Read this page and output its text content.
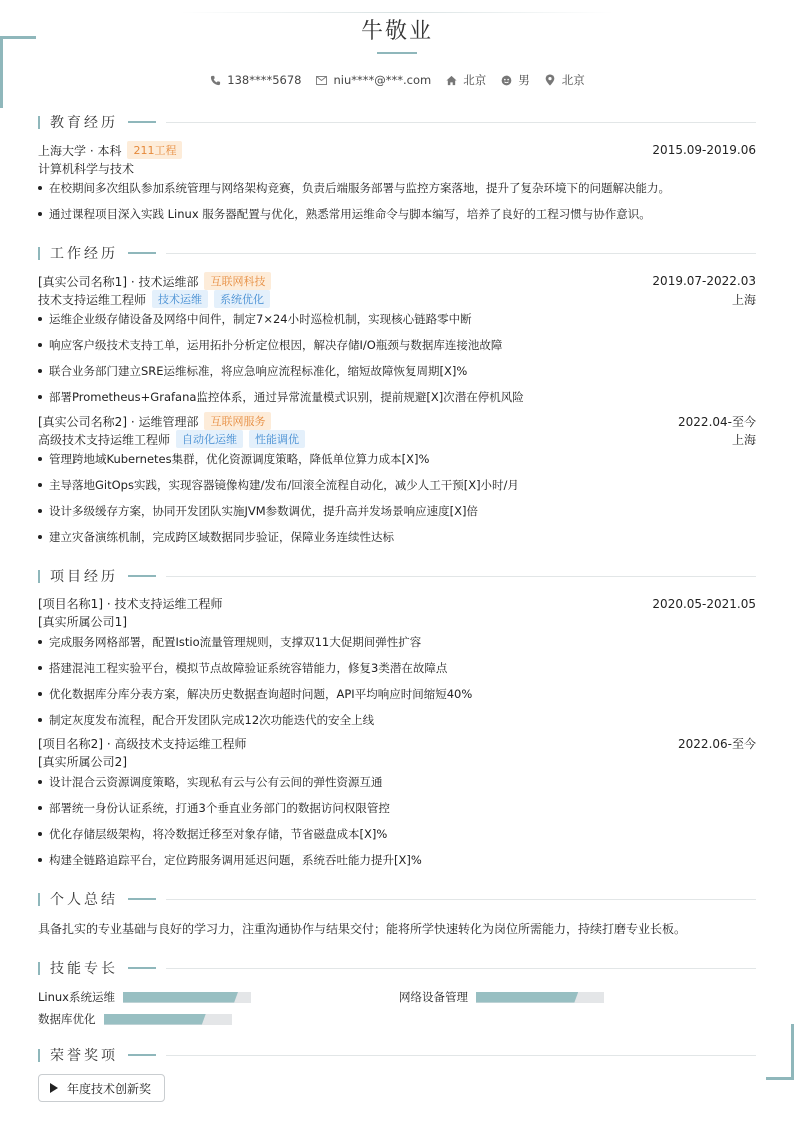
牛敬业
138****5678	niu****@***.com	北京	男	北京
教育经历
上海大学 · 本科	211工程	2015.09-2019.06
计算机科学与技术
在校期间多次组队参加系统管理与网络架构竞赛，负责后端服务部署与监控方案落地，提升了复杂环境下的问题解决能力。
通过课程项目深入实践 Linux 服务器配置与优化，熟悉常用运维命令与脚本编写，培养了良好的工程习惯与协作意识。
工作经历
[真实公司名称1] · 技术运维部	互联网科技	2019.07-2022.03
技术支持运维工程师	技术运维	系统优化	上海
运维企业级存储设备及网络中间件，制定7×24小时巡检机制，实现核心链路零中断
响应客户级技术支持工单，运用拓扑分析定位根因，解决存储I/O瓶颈与数据库连接池故障
联合业务部门建立SRE运维标准，将应急响应流程标准化，缩短故障恢复周期[X]%
部署Prometheus+Grafana监控体系，通过异常流量模式识别，提前规避[X]次潜在停机风险
[真实公司名称2] · 运维管理部	互联网服务	2022.04-至今
高级技术支持运维工程师	自动化运维	性能调优	上海
管理跨地域Kubernetes集群，优化资源调度策略，降低单位算力成本[X]%
主导落地GitOps实践，实现容器镜像构建/发布/回滚全流程自动化，减少人工干预[X]小时/月
设计多级缓存方案，协同开发团队实施JVM参数调优，提升高并发场景响应速度[X]倍
建立灾备演练机制，完成跨区域数据同步验证，保障业务连续性达标
项目经历
[项目名称1] · 技术支持运维工程师	2020.05-2021.05
[真实所属公司1]
完成服务网格部署，配置Istio流量管理规则，支撑双11大促期间弹性扩容
搭建混沌工程实验平台，模拟节点故障验证系统容错能力，修复3类潜在故障点
优化数据库分库分表方案，解决历史数据查询超时问题，API平均响应时间缩短40%
制定灰度发布流程，配合开发团队完成12次功能迭代的安全上线
[项目名称2] · 高级技术支持运维工程师	2022.06-至今
[真实所属公司2]
设计混合云资源调度策略，实现私有云与公有云间的弹性资源互通
部署统一身份认证系统，打通3个垂直业务部门的数据访问权限管控
优化存储层级架构，将冷数据迁移至对象存储，节省磁盘成本[X]%
构建全链路追踪平台，定位跨服务调用延迟问题，系统吞吐能力提升[X]%
个人总结
具备扎实的专业基础与良好的学习力，注重沟通协作与结果交付；能将所学快速转化为岗位所需能力，持续打磨专业长板。
技能专长
Linux系统运维	网络设备管理
数据库优化
荣誉奖项
年度技术创新奖
